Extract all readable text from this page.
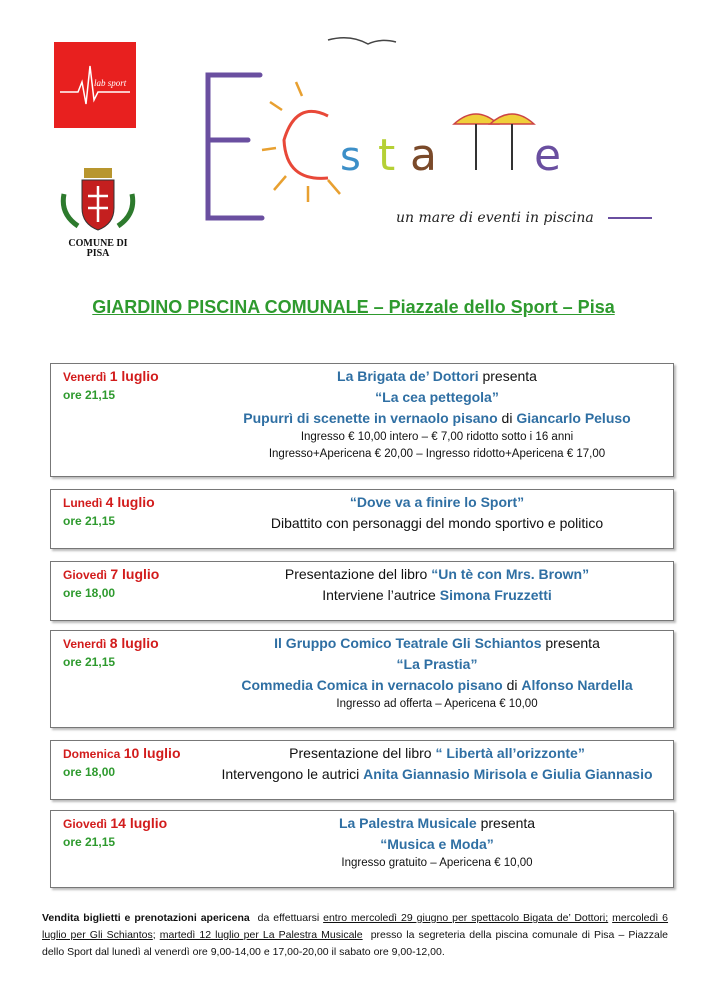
lab sport
COMUNE DI PISA
s t a e
un mare di eventi in piscina
GIARDINO PISCINA COMUNALE – Piazzale dello Sport – Pisa
Venerdì 1 luglio
ore 21,15
La Brigata de’ Dottori presenta
“La cea pettegola”
Pupurrì di scenette in vernaolo pisano di Giancarlo Peluso
Ingresso € 10,00 intero – € 7,00 ridotto sotto i 16 anni
Ingresso+Apericena € 20,00 – Ingresso ridotto+Apericena € 17,00
Lunedì 4 luglio
ore 21,15
“Dove va a finire lo Sport”
Dibattito con personaggi del mondo sportivo e politico
Giovedì 7 luglio
ore 18,00
Presentazione del libro “Un tè con Mrs. Brown”
Interviene l’autrice Simona Fruzzetti
Venerdì 8 luglio
ore 21,15
Il Gruppo Comico Teatrale Gli Schiantos presenta
“La Prastia”
Commedia Comica in vernacolo pisano di Alfonso Nardella
Ingresso ad offerta – Apericena € 10,00
Domenica 10 luglio
ore 18,00
Presentazione del libro “ Libertà all’orizzonte”
Intervengono le autrici Anita Giannasio Mirisola e Giulia Giannasio
Giovedì 14 luglio
ore 21,15
La Palestra Musicale presenta
“Musica e Moda”
Ingresso gratuito – Apericena € 10,00
Vendita biglietti e prenotazioni apericena da effettuarsi entro mercoledì 29 giugno per spettacolo Bigata de’ Dottori; mercoledì 6 luglio per Gli Schiantos; martedì 12 luglio per La Palestra Musicale presso la segreteria della piscina comunale di Pisa – Piazzale dello Sport dal lunedì al venerdì ore 9,00-14,00 e 17,00-20,00 il sabato ore 9,00-12,00.
